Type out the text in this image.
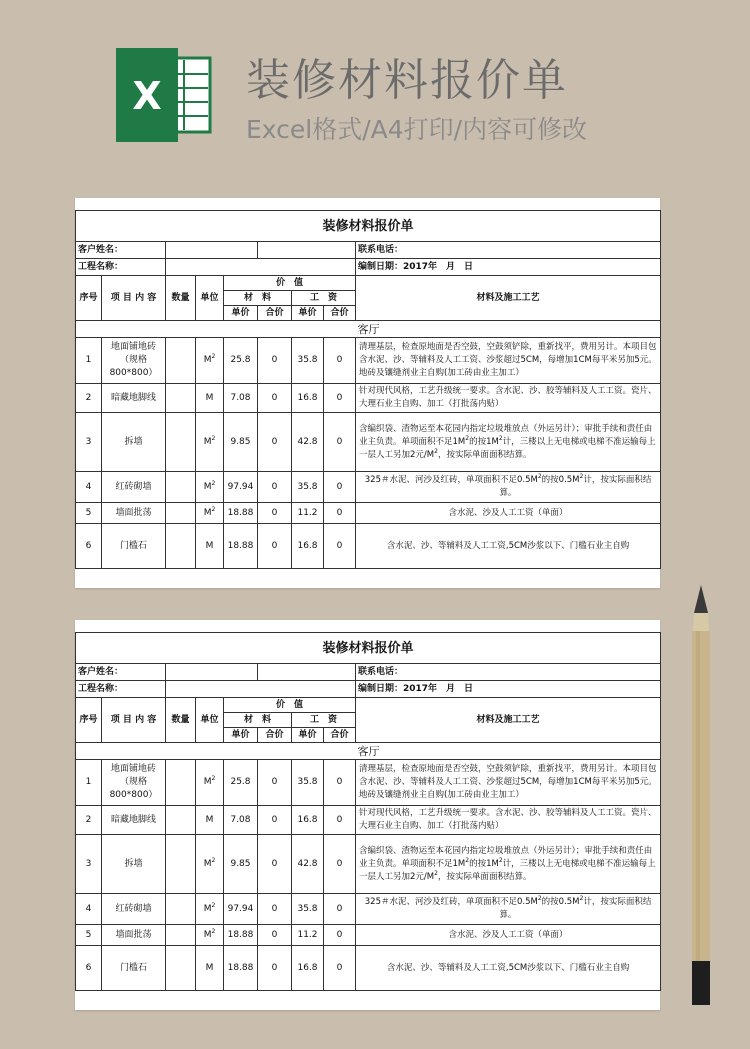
X 装修材料报价单
Excel格式/A4打印/内容可修改
装修材料报价单								
客户姓名：								联系电话：
工程名称：								编制日期：2017年　月　日
序号	项 目 内 容	数量	单位	价　值				材料及施工工艺
				材　料		工　资		
				单价	合价	单价	合价	
								客厅
1	地面铺地砖（规格800*800）		$M^2$	25.8	0	35.8	0	清理基层，检查原地面是否空鼓，空鼓须铲除，重新找平，费用另计。本项目包含水泥、沙、等辅料及人工工资、沙浆超过5CM，每增加1CM每平米另加5元。地砖及镶缝剂业主自购(加工砖由业主加工）
2	暗藏地脚线		M	7.08	0	16.8	0	针对现代风格，工艺升级统一要求。含水泥、沙、胶等辅料及人工工资。瓷片、大理石业主自购、加工（打批荡内贴）
3	拆墙		$M^2$	9.85	0	42.8	0	含编织袋、渣物运至本花园内指定垃圾堆放点（外运另计）；审批手续和责任由业主负责。单项面积不足$1M^2$的按$1M^2$计，三楼以上无电梯或电梯不准运输每上一层人工另加2元$/M^2$，按实际单面面积结算。
4	红砖砌墙		$M^2$	97.94	0	35.8	0	325＃水泥、河沙及红砖，单项面积不足$0.5M^2$的按$0.5M^2$计，按实际面积结算。
5	墙面批荡		$M^2$	18.88	0	11.2	0	含水泥、沙及人工工资（单面）
6	门槛石		M	18.88	0	16.8	0	含水泥、沙、等辅料及人工工资,5CM沙浆以下、门槛石业主自购
装修材料报价单								
客户姓名：								联系电话：
工程名称：								编制日期：2017年　月　日
序号	项 目 内 容	数量	单位	价　值				材料及施工工艺
				材　料		工　资		
				单价	合价	单价	合价	
								客厅
1	地面铺地砖（规格800*800）		$M^2$	25.8	0	35.8	0	清理基层，检查原地面是否空鼓，空鼓须铲除，重新找平，费用另计。本项目包含水泥、沙、等辅料及人工工资、沙浆超过5CM，每增加1CM每平米另加5元。地砖及镶缝剂业主自购(加工砖由业主加工）
2	暗藏地脚线		M	7.08	0	16.8	0	针对现代风格，工艺升级统一要求。含水泥、沙、胶等辅料及人工工资。瓷片、大理石业主自购、加工（打批荡内贴）
3	拆墙		$M^2$	9.85	0	42.8	0	含编织袋、渣物运至本花园内指定垃圾堆放点（外运另计）；审批手续和责任由业主负责。单项面积不足$1M^2$的按$1M^2$计，三楼以上无电梯或电梯不准运输每上一层人工另加2元$/M^2$，按实际单面面积结算。
4	红砖砌墙		$M^2$	97.94	0	35.8	0	325＃水泥、河沙及红砖，单项面积不足$0.5M^2$的按$0.5M^2$计，按实际面积结算。
5	墙面批荡		$M^2$	18.88	0	11.2	0	含水泥、沙及人工工资（单面）
6	门槛石		M	18.88	0	16.8	0	含水泥、沙、等辅料及人工工资,5CM沙浆以下、门槛石业主自购
